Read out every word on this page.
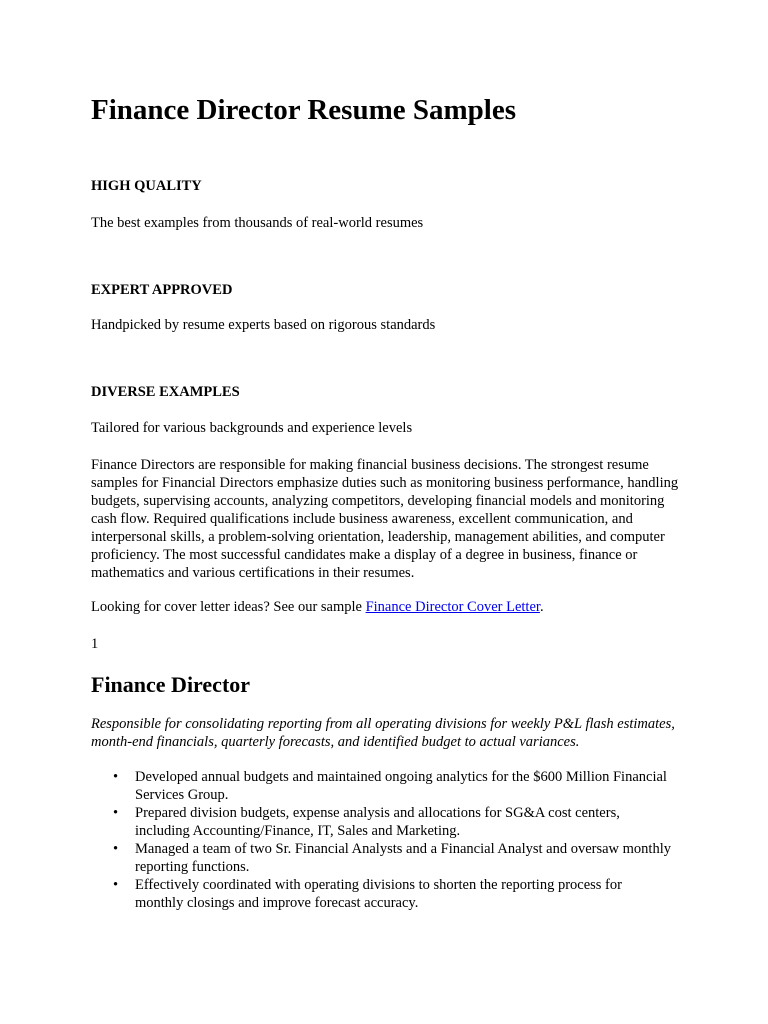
Finance Director Resume Samples
HIGH QUALITY

The best examples from thousands of real-world resumes

EXPERT APPROVED

Handpicked by resume experts based on rigorous standards

DIVERSE EXAMPLES

Tailored for various backgrounds and experience levels

Finance Directors are responsible for making financial business decisions. The strongest resume samples for Financial Directors emphasize duties such as monitoring business performance, handling budgets, supervising accounts, analyzing competitors, developing financial models and monitoring cash flow. Required qualifications include business awareness, excellent communication, and interpersonal skills, a problem-solving orientation, leadership, management abilities, and computer proficiency. The most successful candidates make a display of a degree in business, finance or mathematics and various certifications in their resumes.

Looking for cover letter ideas? See our sample Finance Director Cover Letter.

1

Finance Director

Responsible for consolidating reporting from all operating divisions for weekly P&L flash estimates, month-end financials, quarterly forecasts, and identified budget to actual variances.

• Developed annual budgets and maintained ongoing analytics for the $600 Million Financial Services Group.
• Prepared division budgets, expense analysis and allocations for SG&A cost centers, including Accounting/Finance, IT, Sales and Marketing.
• Managed a team of two Sr. Financial Analysts and a Financial Analyst and oversaw monthly reporting functions.
• Effectively coordinated with operating divisions to shorten the reporting process for monthly closings and improve forecast accuracy.
